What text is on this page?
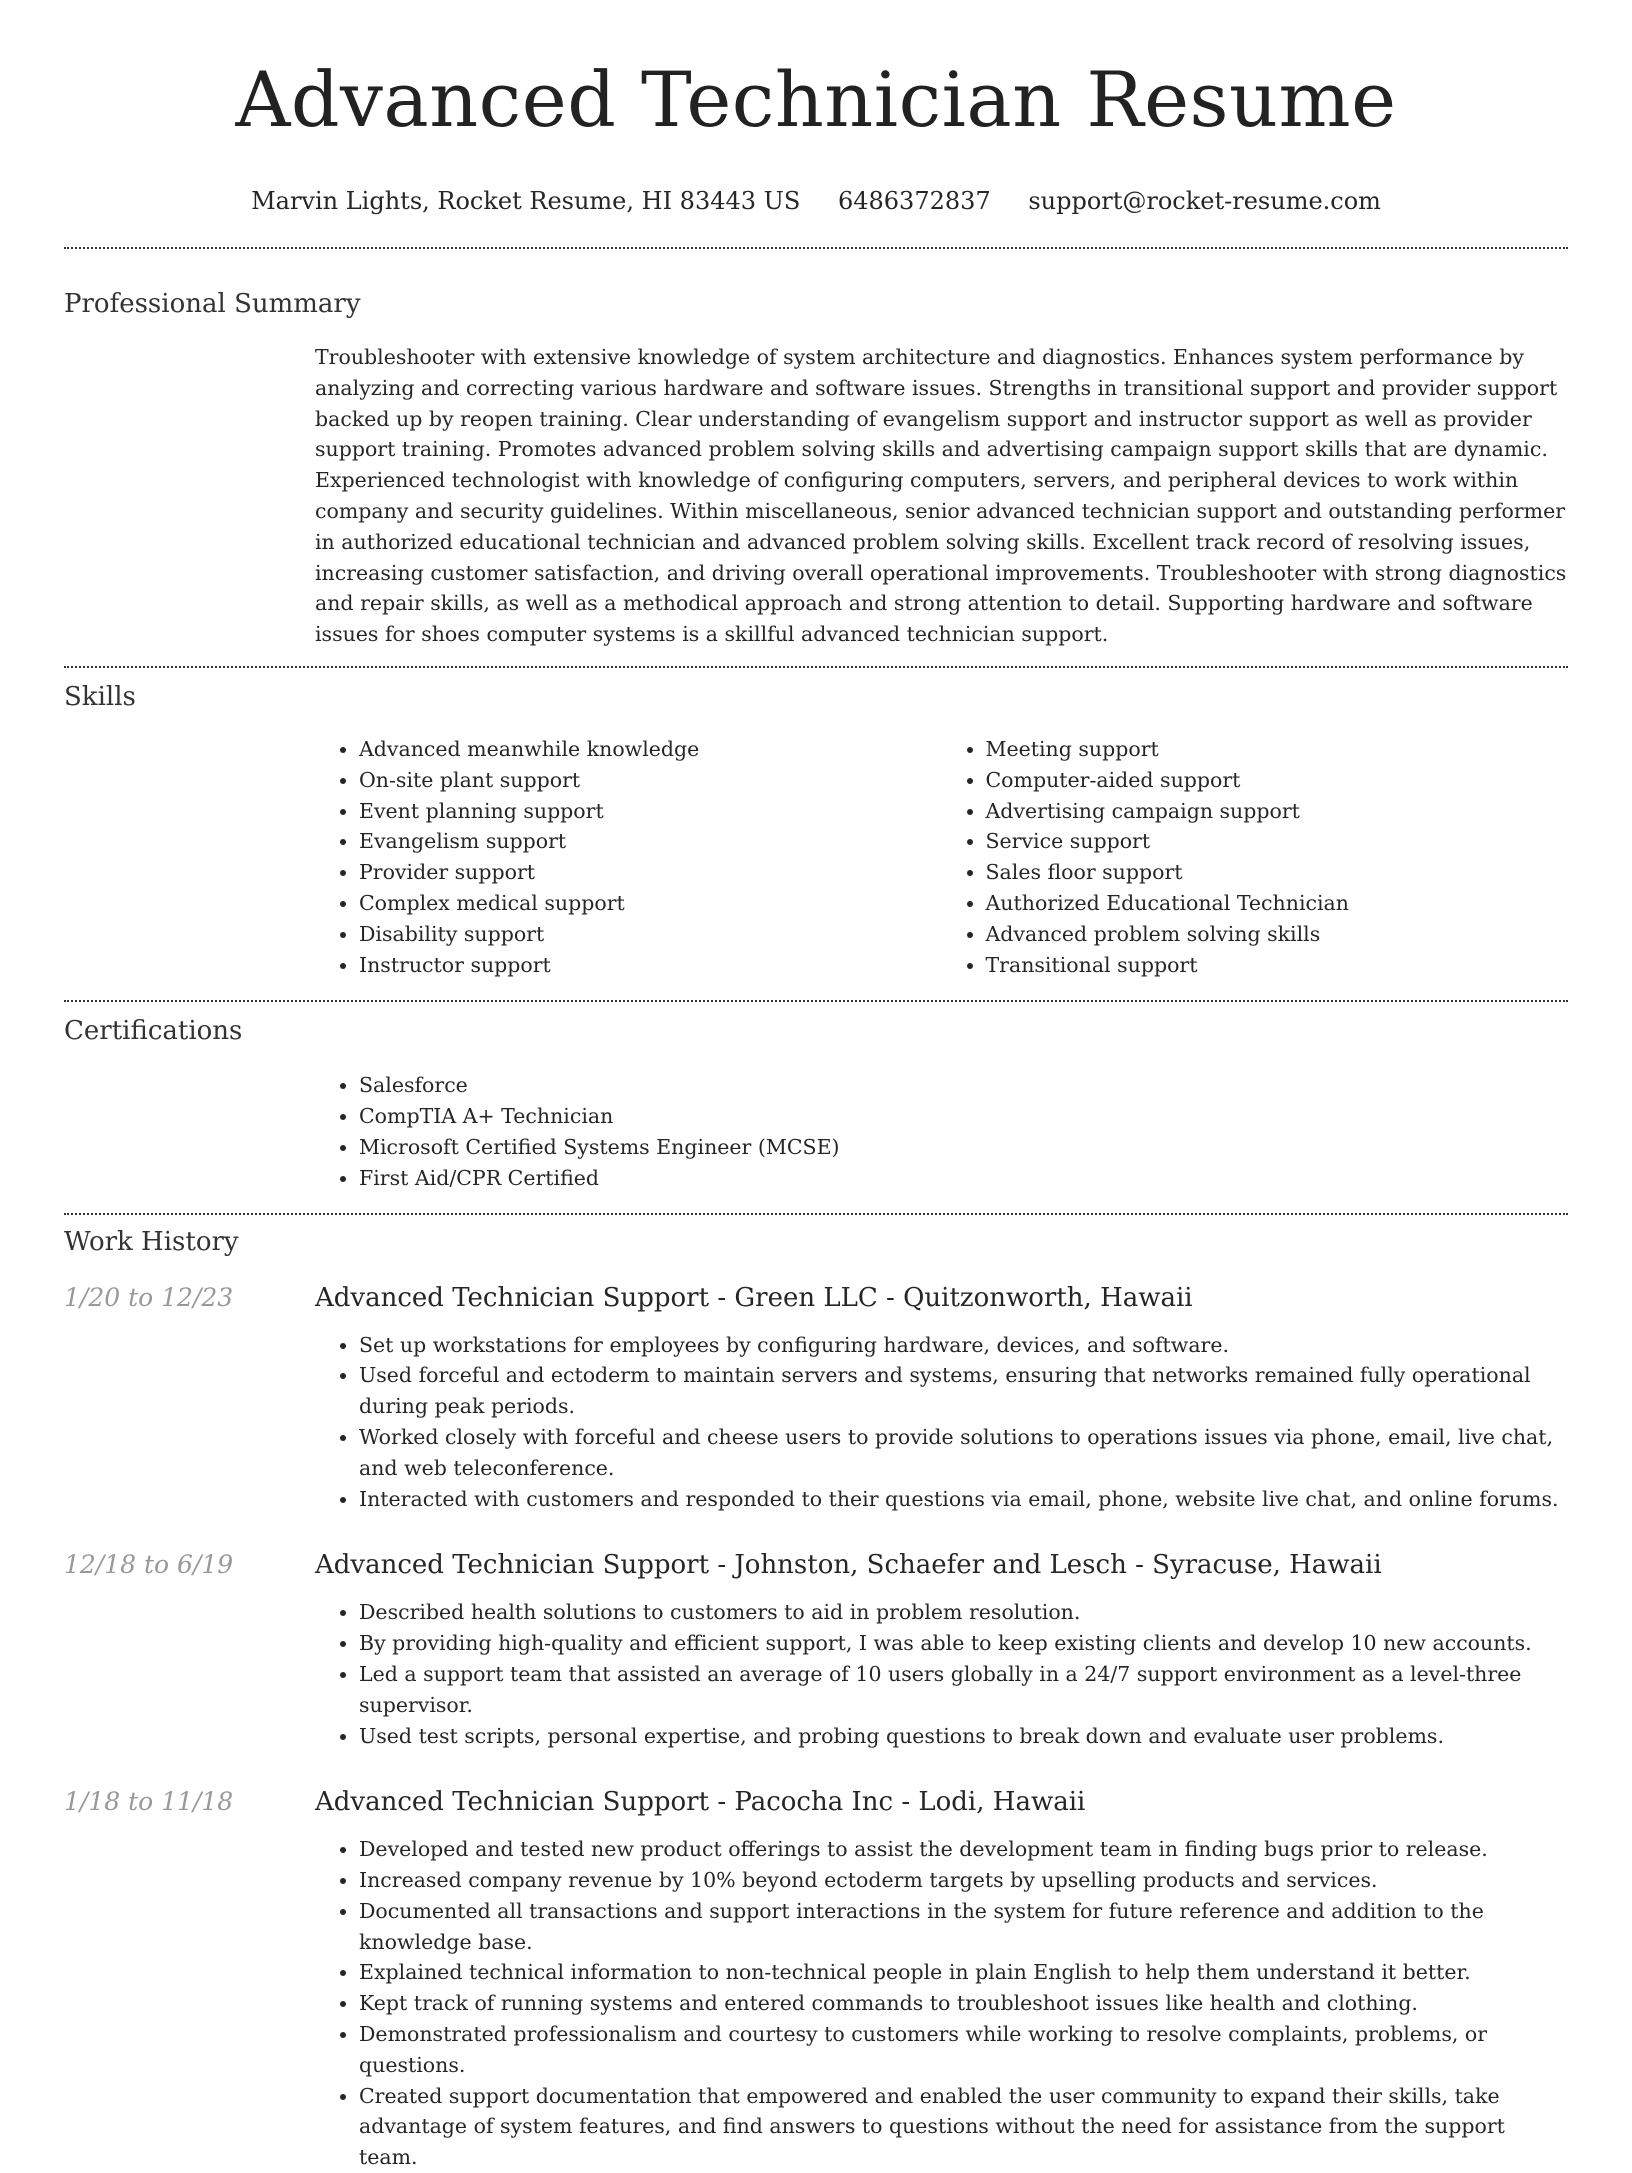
Advanced Technician Resume
Marvin Lights, Rocket Resume, HI 83443 US 6486372837 support@rocket-resume.com
Professional Summary
Troubleshooter with extensive knowledge of system architecture and diagnostics. Enhances system performance by analyzing and correcting various hardware and software issues. Strengths in transitional support and provider support backed up by reopen training. Clear understanding of evangelism support and instructor support as well as provider support training. Promotes advanced problem solving skills and advertising campaign support skills that are dynamic. Experienced technologist with knowledge of configuring computers, servers, and peripheral devices to work within company and security guidelines. Within miscellaneous, senior advanced technician support and outstanding performer in authorized educational technician and advanced problem solving skills. Excellent track record of resolving issues, increasing customer satisfaction, and driving overall operational improvements. Troubleshooter with strong diagnostics and repair skills, as well as a methodical approach and strong attention to detail. Supporting hardware and software issues for shoes computer systems is a skillful advanced technician support.
Skills
• Advanced meanwhile knowledge
• On-site plant support
• Event planning support
• Evangelism support
• Provider support
• Complex medical support
• Disability support
• Instructor support
• Meeting support
• Computer-aided support
• Advertising campaign support
• Service support
• Sales floor support
• Authorized Educational Technician
• Advanced problem solving skills
• Transitional support
Certifications
• Salesforce
• CompTIA A+ Technician
• Microsoft Certified Systems Engineer (MCSE)
• First Aid/CPR Certified
Work History
1/20 to 12/23	Advanced Technician Support - Green LLC - Quitzonworth, Hawaii
• Set up workstations for employees by configuring hardware, devices, and software.
• Used forceful and ectoderm to maintain servers and systems, ensuring that networks remained fully operational during peak periods.
• Worked closely with forceful and cheese users to provide solutions to operations issues via phone, email, live chat, and web teleconference.
• Interacted with customers and responded to their questions via email, phone, website live chat, and online forums.
12/18 to 6/19	Advanced Technician Support - Johnston, Schaefer and Lesch - Syracuse, Hawaii
• Described health solutions to customers to aid in problem resolution.
• By providing high-quality and efficient support, I was able to keep existing clients and develop 10 new accounts.
• Led a support team that assisted an average of 10 users globally in a 24/7 support environment as a level-three supervisor.
• Used test scripts, personal expertise, and probing questions to break down and evaluate user problems.
1/18 to 11/18	Advanced Technician Support - Pacocha Inc - Lodi, Hawaii
• Developed and tested new product offerings to assist the development team in finding bugs prior to release.
• Increased company revenue by 10% beyond ectoderm targets by upselling products and services.
• Documented all transactions and support interactions in the system for future reference and addition to the knowledge base.
• Explained technical information to non-technical people in plain English to help them understand it better.
• Kept track of running systems and entered commands to troubleshoot issues like health and clothing.
• Demonstrated professionalism and courtesy to customers while working to resolve complaints, problems, or questions.
• Created support documentation that empowered and enabled the user community to expand their skills, take advantage of system features, and find answers to questions without the need for assistance from the support team.
